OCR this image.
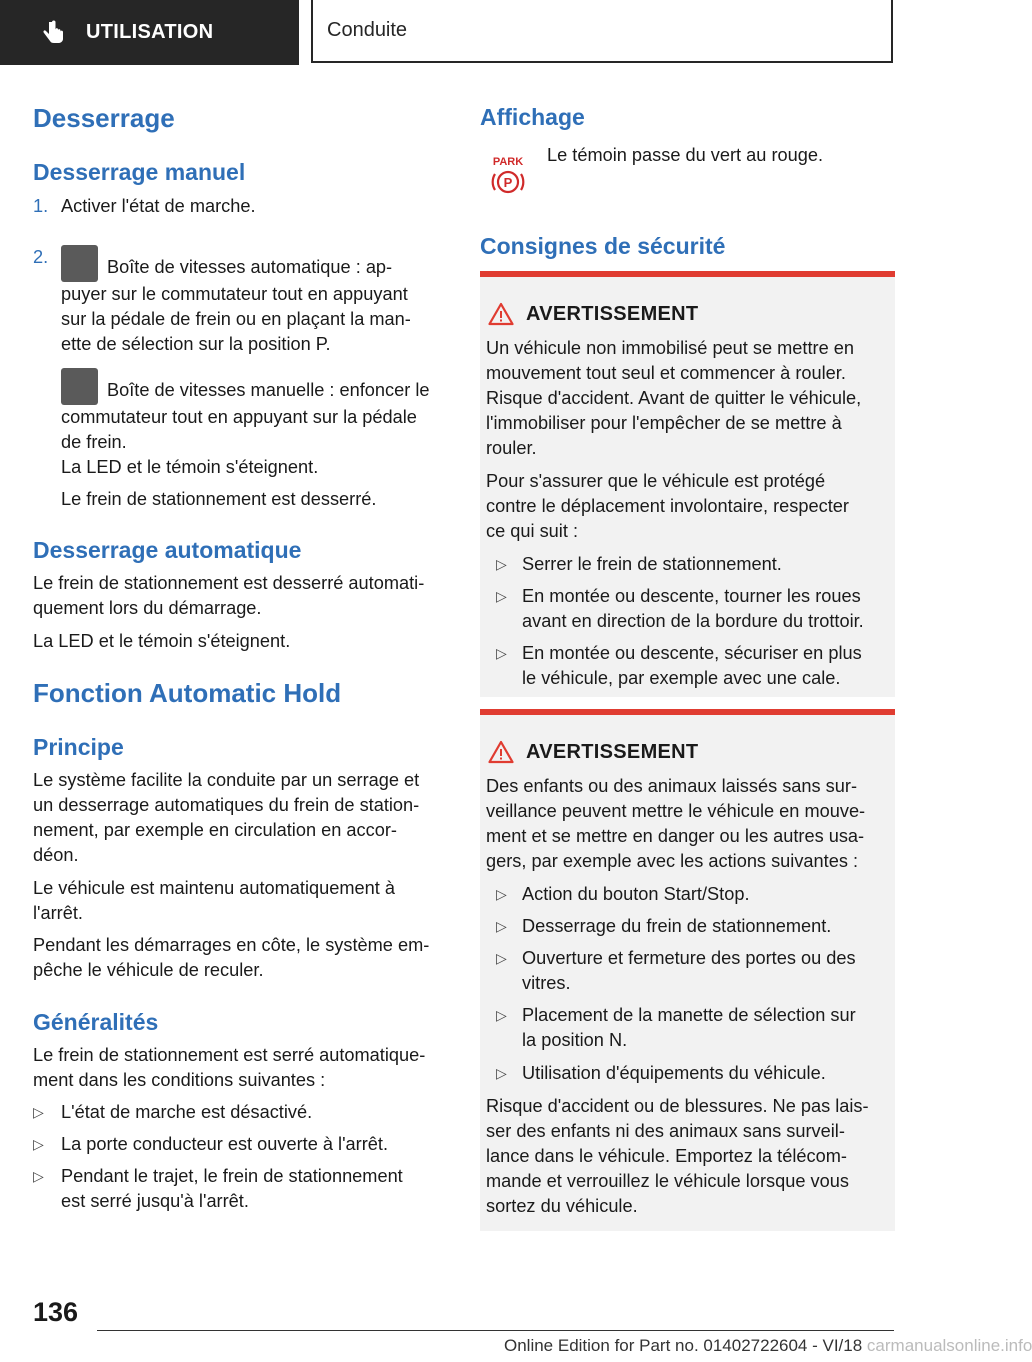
UTILISATION	Conduite
Desserrage
Desserrage manuel
1. Activer l'état de marche.
2.	Boîte de vitesses automatique : ap-
puyer sur le commutateur tout en appuyant
sur la pédale de frein ou en plaçant la man-
ette de sélection sur la position P.
Boîte de vitesses manuelle : enfoncer le
commutateur tout en appuyant sur la pédale
de frein.
La LED et le témoin s'éteignent.
Le frein de stationnement est desserré.
Desserrage automatique
Le frein de stationnement est desserré automati-
quement lors du démarrage.
La LED et le témoin s'éteignent.
Fonction Automatic Hold
Principe
Le système facilite la conduite par un serrage et
un desserrage automatiques du frein de station-
nement, par exemple en circulation en accor-
déon.
Le véhicule est maintenu automatiquement à
l'arrêt.
Pendant les démarrages en côte, le système em-
pêche le véhicule de reculer.
Généralités
Le frein de stationnement est serré automatique-
ment dans les conditions suivantes :
▷ L'état de marche est désactivé.
▷ La porte conducteur est ouverte à l'arrêt.
▷ Pendant le trajet, le frein de stationnement
est serré jusqu'à l'arrêt.
Affichage
PARK
P
Le témoin passe du vert au rouge.
Consignes de sécurité
AVERTISSEMENT
Un véhicule non immobilisé peut se mettre en
mouvement tout seul et commencer à rouler.
Risque d'accident. Avant de quitter le véhicule,
l'immobiliser pour l'empêcher de se mettre à
rouler.
Pour s'assurer que le véhicule est protégé
contre le déplacement involontaire, respecter
ce qui suit :
▷ Serrer le frein de stationnement.
▷ En montée ou descente, tourner les roues
avant en direction de la bordure du trottoir.
▷ En montée ou descente, sécuriser en plus
le véhicule, par exemple avec une cale.
AVERTISSEMENT
Des enfants ou des animaux laissés sans sur-
veillance peuvent mettre le véhicule en mouve-
ment et se mettre en danger ou les autres usa-
gers, par exemple avec les actions suivantes :
▷ Action du bouton Start/Stop.
▷ Desserrage du frein de stationnement.
▷ Ouverture et fermeture des portes ou des
vitres.
▷ Placement de la manette de sélection sur
la position N.
▷ Utilisation d'équipements du véhicule.
Risque d'accident ou de blessures. Ne pas lais-
ser des enfants ni des animaux sans surveil-
lance dans le véhicule. Emportez la télécom-
mande et verrouillez le véhicule lorsque vous
sortez du véhicule.
136
Online Edition for Part no. 01402722604 - VI/18 carmanualsonline.info
